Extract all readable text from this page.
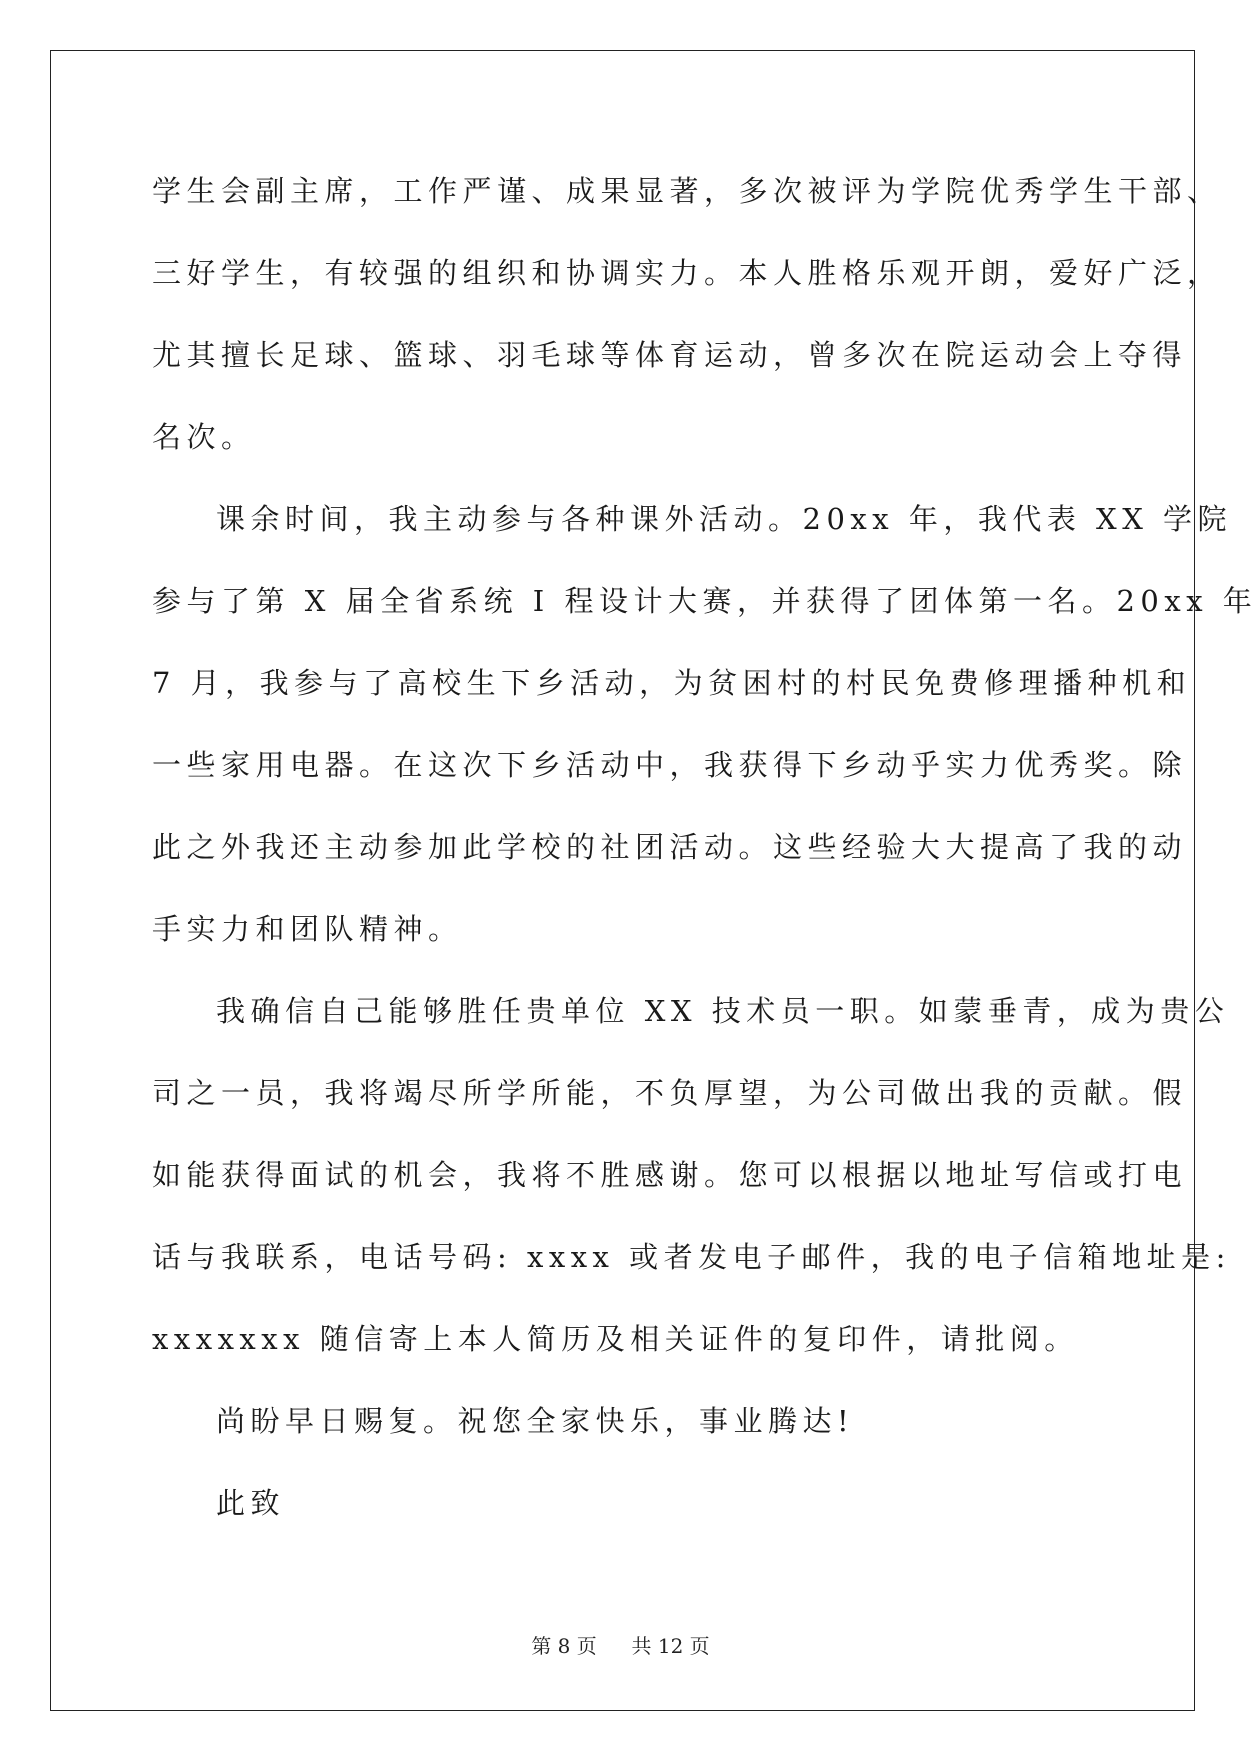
学生会副主席，工作严谨、成果显著，多次被评为学院优秀学生干部、
三好学生，有较强的组织和协调实力。本人胜格乐观开朗，爱好广泛，
尤其擅长足球、篮球、羽毛球等体育运动，曾多次在院运动会上夺得
名次。
课余时间，我主动参与各种课外活动。20xx 年，我代表 XX 学院
参与了第 X 届全省系统 I 程设计大赛，并获得了团体第一名。20xx 年
7 月，我参与了高校生下乡活动，为贫困村的村民免费修理播种机和
一些家用电器。在这次下乡活动中，我获得下乡动乎实力优秀奖。除
此之外我还主动参加此学校的社团活动。这些经验大大提高了我的动
手实力和团队精神。
我确信自己能够胜任贵单位 XX 技术员一职。如蒙垂青，成为贵公
司之一员，我将竭尽所学所能，不负厚望，为公司做出我的贡献。假
如能获得面试的机会，我将不胜感谢。您可以根据以地址写信或打电
话与我联系，电话号码: xxxx 或者发电子邮件，我的电子信箱地址是:
xxxxxxx 随信寄上本人简历及相关证件的复印件，请批阅。
尚盼早日赐复。祝您全家快乐，事业腾达!
此致
第 8 页 共 12 页
